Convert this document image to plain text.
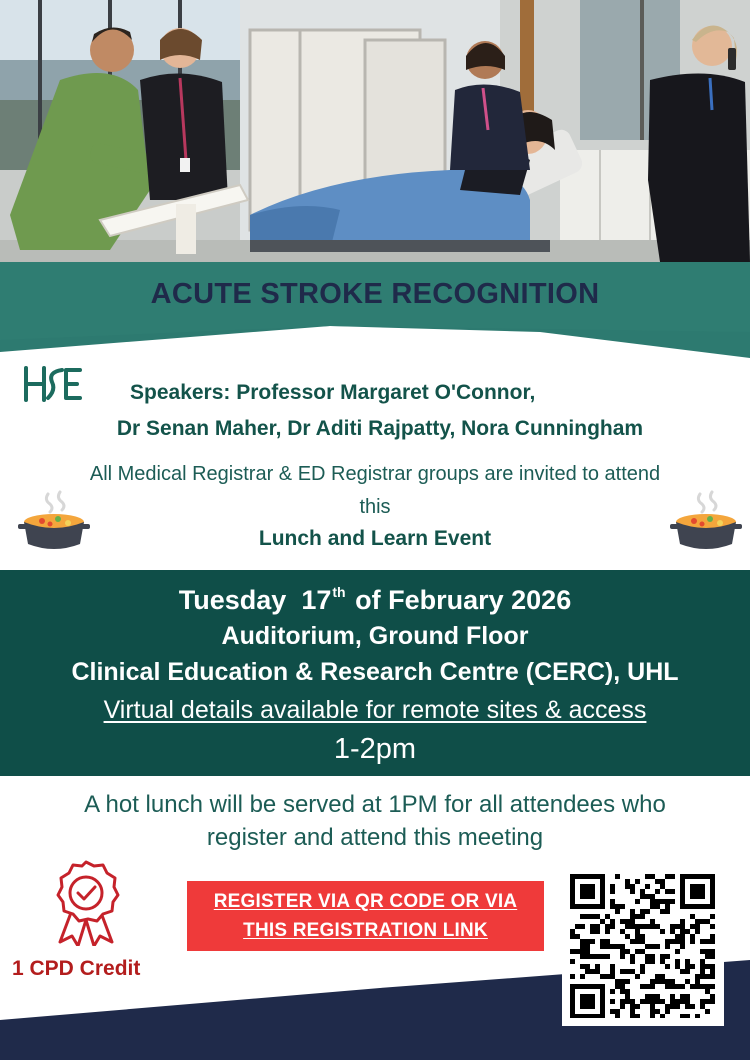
ACUTE STROKE RECOGNITION
Speakers: Professor Margaret O'Connor,
Dr Senan Maher, Dr Aditi Rajpatty, Nora Cunningham
All Medical Registrar & ED Registrar groups are invited to attend
this
Lunch and Learn Event
Tuesday 17th of February 2026
Auditorium, Ground Floor
Clinical Education & Research Centre (CERC), UHL
Virtual details available for remote sites & access
1-2pm
A hot lunch will be served at 1PM for all attendees who
register and attend this meeting
1 CPD Credit
REGISTER VIA QR CODE OR VIA
THIS REGISTRATION LINK
